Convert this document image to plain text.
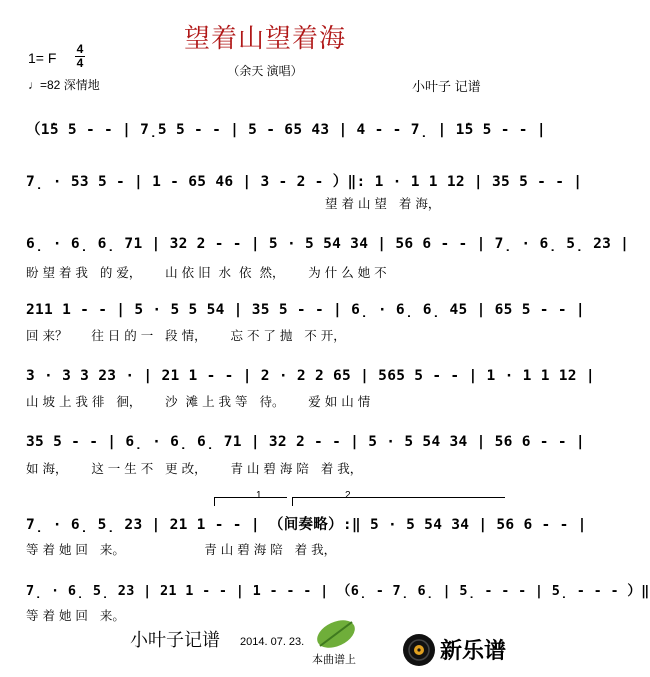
望着山望着海
（余天 演唱）
1= F
4
4
♩=82 深情地	小叶子 记谱
（1̇5 5 - - | 7̣5 5 - - | 5 - 65 43 | 4 - - 7̣ | 1̇5 5 - - |
7̣ · 53 5 - | 1 - 65 46 | 3 - 2 - ）‖: 1 · 1 1 12 | 35 5 - - |
望 着 山 望   着 海，
6̣ · 6̣ 6̣ 71 | 32 2 - - | 5 · 5 54 34 | 56 6 - - | 7̣ · 6̣ 5̣ 23 |
盼 望 着 我   的 爱，      山 依 旧  水  依  然，      为 什 么 她 不
211 1 - - | 5 · 5 5 54 | 35 5 - - | 6̣ · 6̣ 6̣ 45 | 65 5 - - |
回 来？      往 日 的 一   段 情，      忘 不 了 抛   不 开，
3 · 3 3 23 · | 21 1 - - | 2 · 2 2 65 | 565 5 - - | 1 · 1 1 12 |
山 坡 上 我 徘   徊，      沙  滩 上 我 等   待。      爱 如 山 情
35 5 - - | 6̣ · 6̣ 6̣ 71 | 32 2 - - | 5 · 5 54 34 | 56 6 - - |
如 海，      这 一 生 不   更 改，      青 山 碧 海 陪   着 我，
1	2
7̣ · 6̣ 5̣ 23 | 21 1 - - | （间奏略）:‖ 5 · 5 54 34 | 56 6 - - |
等 着 她 回   来。                    青 山 碧 海 陪   着 我，
7̣ · 6̣ 5̣ 23 | 21 1 - - | 1 - - - | （6̣ - 7̣ 6̣ | 5̣ - - - | 5̣ - - - ）‖
等 着 她 回   来。
小叶子记谱 2014. 07. 23.
本曲谱上	新乐谱
